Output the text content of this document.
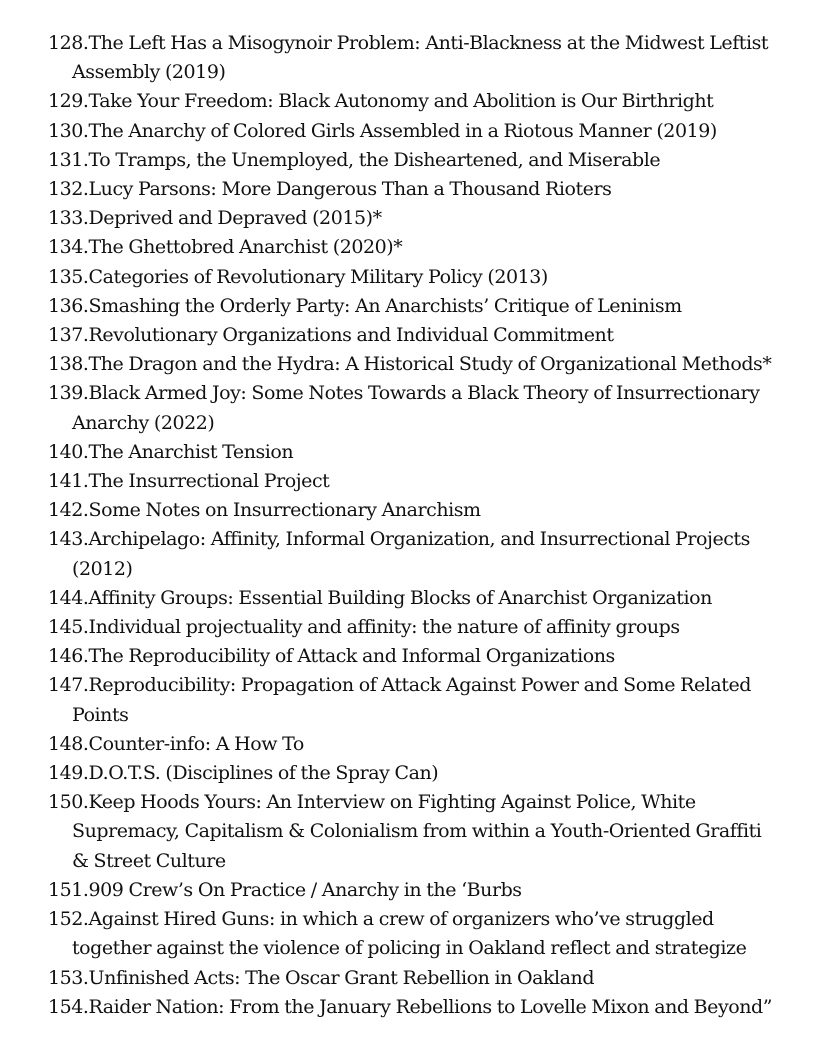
128.The Left Has a Misogynoir Problem: Anti-Blackness at the Midwest Leftist Assembly (2019)

129.Take Your Freedom: Black Autonomy and Abolition is Our Birthright

130.The Anarchy of Colored Girls Assembled in a Riotous Manner (2019)

131.To Tramps, the Unemployed, the Disheartened, and Miserable

132.Lucy Parsons: More Dangerous Than a Thousand Rioters

133.Deprived and Depraved (2015)*

134.The Ghettobred Anarchist (2020)*

135.Categories of Revolutionary Military Policy (2013)

136.Smashing the Orderly Party: An Anarchists’ Critique of Leninism

137.Revolutionary Organizations and Individual Commitment

138.The Dragon and the Hydra: A Historical Study of Organizational Methods*

139.Black Armed Joy: Some Notes Towards a Black Theory of Insurrectionary Anarchy (2022)

140.The Anarchist Tension

141.The Insurrectional Project

142.Some Notes on Insurrectionary Anarchism

143.Archipelago: Affinity, Informal Organization, and Insurrectional Projects (2012)

144.Affinity Groups: Essential Building Blocks of Anarchist Organization

145.Individual projectuality and affinity: the nature of affinity groups

146.The Reproducibility of Attack and Informal Organizations

147.Reproducibility: Propagation of Attack Against Power and Some Related Points

148.Counter-info: A How To

149.D.O.T.S. (Disciplines of the Spray Can)

150.Keep Hoods Yours: An Interview on Fighting Against Police, White Supremacy, Capitalism & Colonialism from within a Youth-Oriented Graffiti & Street Culture

151.909 Crew’s On Practice / Anarchy in the ‘Burbs

152.Against Hired Guns: in which a crew of organizers who’ve struggled together against the violence of policing in Oakland reflect and strategize

153.Unfinished Acts: The Oscar Grant Rebellion in Oakland

154.Raider Nation: From the January Rebellions to Lovelle Mixon and Beyond”
